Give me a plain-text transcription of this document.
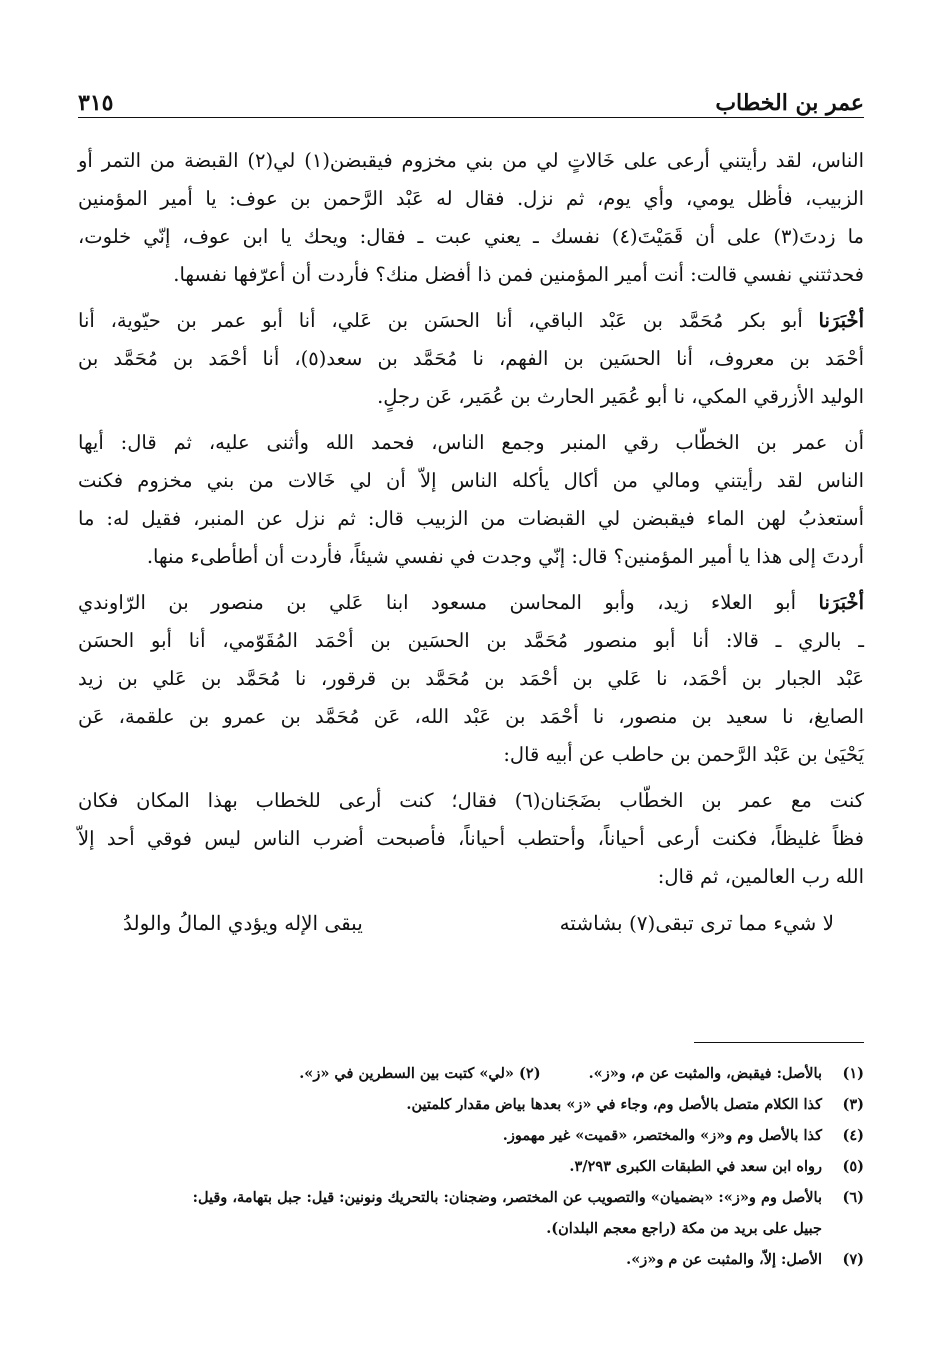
عمر بن الخطاب
٣١٥

الناس، لقد رأيتني أرعى على خَالاتٍ لي من بني مخزوم فيقبضن(١) لي(٢) القبضة من التمر أو
الزبيب، فأظل يومي، وأي يوم، ثم نزل. فقال له عَبْد الرَّحمن بن عوف: يا أمير المؤمنين
ما زدتَ(٣) على أن قَمَيْتَ(٤) نفسك ـ يعني عبت ـ فقال: ويحك يا ابن عوف، إنّي خلوت،
فحدثتني نفسي قالت: أنت أمير المؤمنين فمن ذا أفضل منك؟ فأردت أن أعرّفها نفسها.

أخْبَرَنا أبو بكر مُحَمَّد بن عَبْد الباقي، أنا الحسَن بن عَلي، أنا أبو عمر بن حيّوية، أنا
أحْمَد بن معروف، أنا الحسَين بن الفهم، نا مُحَمَّد بن سعد(٥)، أنا أحْمَد بن مُحَمَّد بن
الوليد الأزرقي المكي، نا أبو عُمَير الحارث بن عُمَير، عَن رجلٍ.

أن عمر بن الخطّاب رقي المنبر وجمع الناس، فحمد الله وأثنى عليه، ثم قال: أيها
الناس لقد رأيتني ومالي من أكال يأكله الناس إلاّ أن لي خَالات من بني مخزوم فكنت
أستعذبُ لهن الماء فيقبضن لي القبضات من الزبيب قال: ثم نزل عن المنبر، فقيل له: ما
أردتَ إلى هذا يا أمير المؤمنين؟ قال: إنّي وجدت في نفسي شيئاً، فأردت أن أطأطىء منها.

أخْبَرَنا أبو العلاء زيد، وأبو المحاسن مسعود ابنا عَلي بن منصور بن الرّاوندي
ـ بالري ـ قالا: أنا أبو منصور مُحَمَّد بن الحسَين بن أحْمَد المُقَوّمي، أنا أبو الحسَن
عَبْد الجبار بن أحْمَد، نا عَلي بن أحْمَد بن مُحَمَّد بن قرقور، نا مُحَمَّد بن عَلي بن زيد
الصايغ، نا سعيد بن منصور، نا أحْمَد بن عَبْد الله، عَن مُحَمَّد بن عمرو بن علقمة، عَن
يَحْيَىٰ بن عَبْد الرَّحمن بن حاطب عن أبيه قال:

كنت مع عمر بن الخطّاب بضَجَنان(٦) فقال؛ كنت أرعى للخطاب بهذا المكان فكان
فظاً غليظاً، فكنت أرعى أحياناً، وأحتطب أحياناً، فأصبحت أضرب الناس ليس فوقي أحد إلاّ
الله رب العالمين، ثم قال:

لا شيء مما ترى تبقى(٧) بشاشته
يبقى الإله ويؤدي المالُ والولدُ
(١)
بالأصل: فيقبض، والمثبت عن م، و«ز».
(٢) «لي» كتبت بين السطرين في «ز».
(٣)
كذا الكلام متصل بالأصل وم، وجاء في «ز» بعدها بياض مقدار كلمتين.
(٤)
كذا بالأصل وم و«ز» والمختصر، «قميت» غير مهموز.
(٥)
رواه ابن سعد في الطبقات الكبرى ٣/٢٩٣.
(٦)
بالأصل وم و«ز»: «بضميان» والتصويب عن المختصر، وضجنان: بالتحريك ونونين: قيل: جبل بتهامة، وقيل:
جبيل على بريد من مكة (راجع معجم البلدان).
(٧)
الأصل: إلاّ، والمثبت عن م و«ز».
